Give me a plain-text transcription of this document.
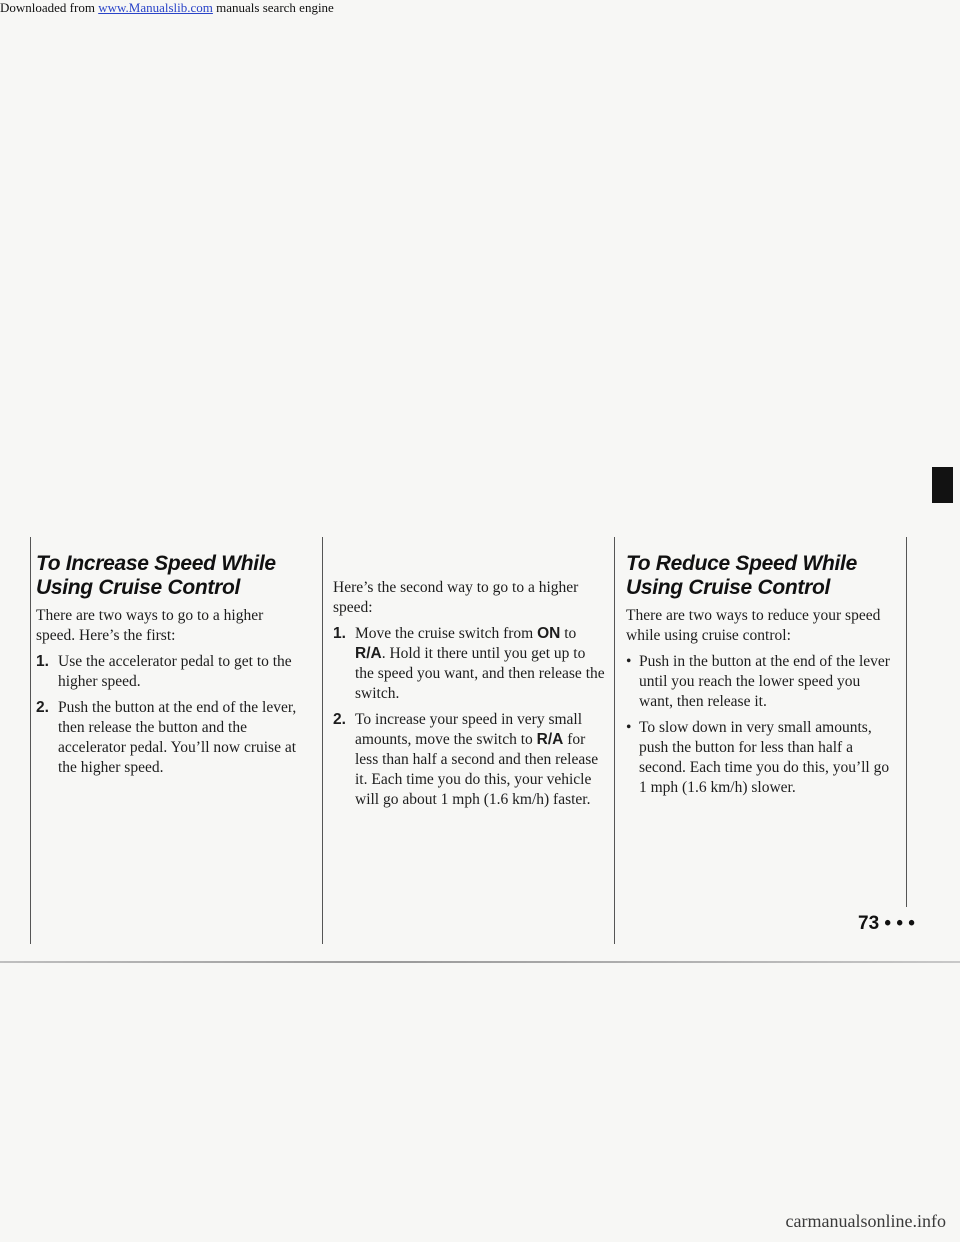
Downloaded from www.Manualslib.com manuals search engine
To Increase Speed While Using Cruise Control

There are two ways to go to a higher speed. Here’s the first:

1. Use the accelerator pedal to get to the higher speed.
2. Push the button at the end of the lever, then release the button and the accelerator pedal. You’ll now cruise at the higher speed.

Here’s the second way to go to a higher speed:

1. Move the cruise switch from ON to R/A. Hold it there until you get up to the speed you want, and then release the switch.
2. To increase your speed in very small amounts, move the switch to R/A for less than half a second and then release it. Each time you do this, your vehicle will go about 1 mph (1.6 km/h) faster.
To Reduce Speed While Using Cruise Control

There are two ways to reduce your speed while using cruise control:

• Push in the button at the end of the lever until you reach the lower speed you want, then release it.
• To slow down in very small amounts, push the button for less than half a second. Each time you do this, you’ll go 1 mph (1.6 km/h) slower.
73 • • •
carmanualsonline.info
